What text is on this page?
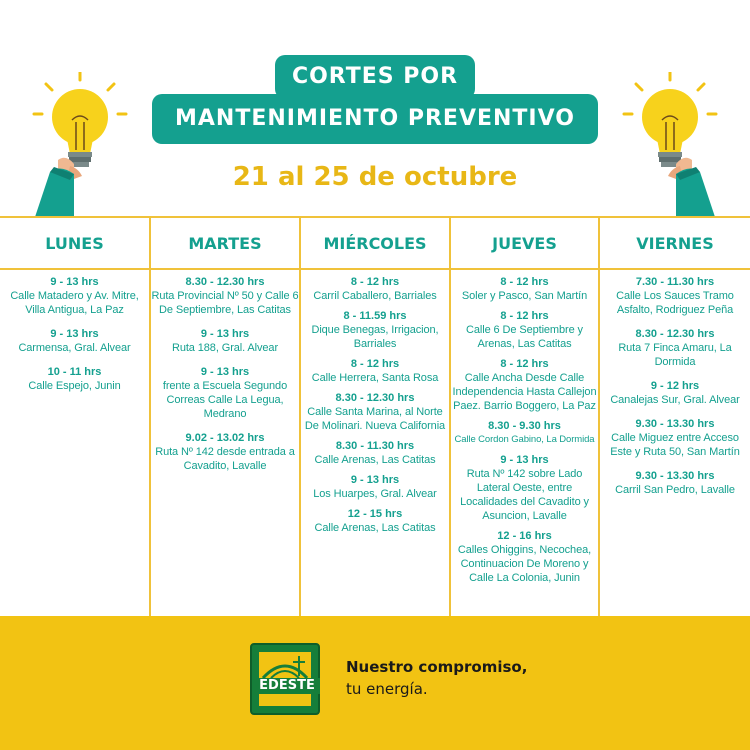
CORTES POR
MANTENIMIENTO PREVENTIVO
21 al 25 de octubre
LUNES
9 - 13 hrs
Calle Matadero y Av. Mitre, Villa Antigua, La Paz
9 - 13 hrs
Carmensa, Gral. Alvear
10 - 11 hrs
Calle Espejo, Junin
MARTES
8.30 - 12.30 hrs
Ruta Provincial Nº 50 y Calle 6 De Septiembre, Las Catitas
9 - 13 hrs
Ruta 188, Gral. Alvear
9 - 13 hrs
frente a Escuela Segundo Correas Calle La Legua, Medrano
9.02 - 13.02 hrs
Ruta Nº 142 desde entrada a Cavadito, Lavalle
MIÉRCOLES
8 - 12 hrs
Carril Caballero, Barriales
8 - 11.59 hrs
Dique Benegas, Irrigacion, Barriales
8 - 12 hrs
Calle Herrera, Santa Rosa
8.30 - 12.30 hrs
Calle Santa Marina, al Norte De Molinari. Nueva California
8.30 - 11.30 hrs
Calle Arenas, Las Catitas
9 - 13 hrs
Los Huarpes, Gral. Alvear
12 - 15 hrs
Calle Arenas, Las Catitas
JUEVES
8 - 12 hrs
Soler y Pasco, San Martín
8 - 12 hrs
Calle 6 De Septiembre y Arenas, Las Catitas
8 - 12 hrs
Calle Ancha Desde Calle Independencia Hasta Callejon Paez. Barrio Boggero, La Paz
8.30 - 9.30 hrs
Calle Cordon Gabino, La Dormida
9 - 13 hrs
Ruta Nº 142 sobre Lado Lateral Oeste, entre Localidades del Cavadito y Asuncion, Lavalle
12 - 16 hrs
Calles Ohiggins, Necochea, Continuacion De Moreno y Calle La Colonia, Junin
VIERNES
7.30 - 11.30 hrs
Calle Los Sauces Tramo Asfalto, Rodriguez Peña
8.30 - 12.30 hrs
Ruta 7 Finca Amaru, La Dormida
9 - 12 hrs
Canalejas Sur, Gral. Alvear
9.30 - 13.30 hrs
Calle Miguez entre Acceso Este y Ruta 50, San Martín
9.30 - 13.30 hrs
Carril San Pedro, Lavalle
EDESTE
Nuestro compromiso,
tu energía.
